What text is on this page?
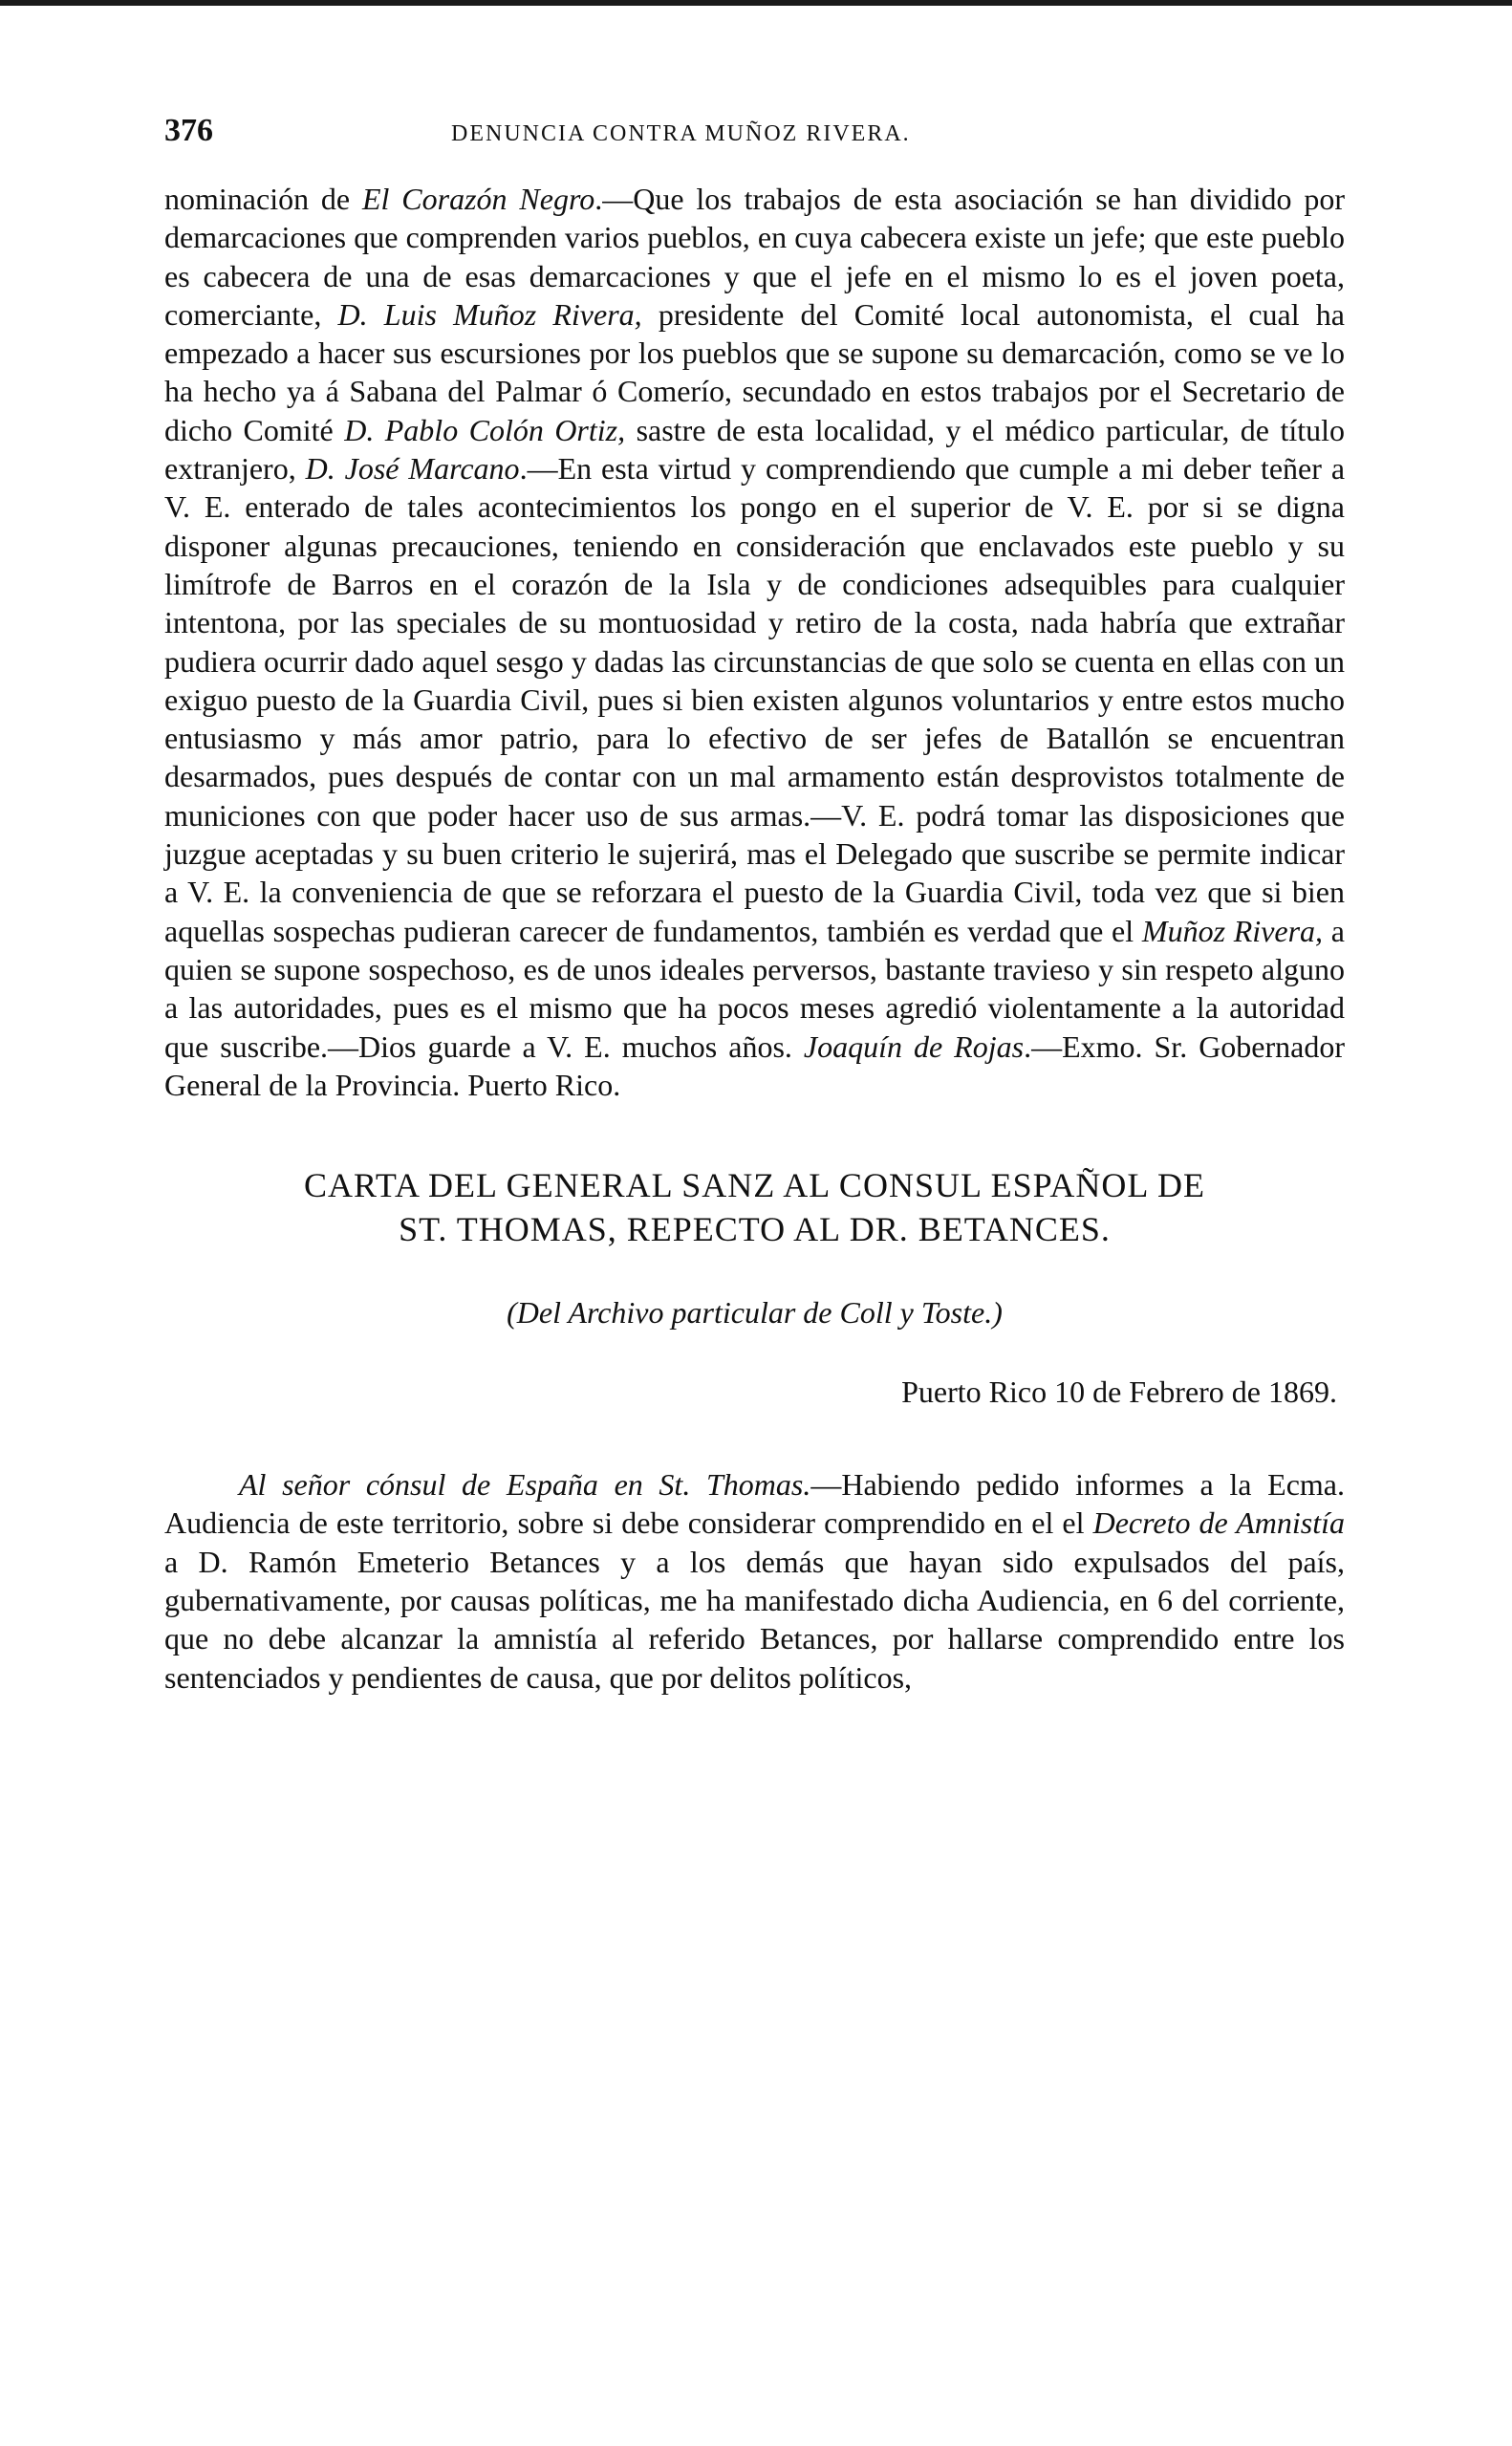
376	DENUNCIA CONTRA MUÑOZ RIVERA.

nominación de El Corazón Negro.—Que los trabajos de esta asociación se han dividido por demarcaciones que comprenden varios pueblos, en cuya cabecera existe un jefe; que este pueblo es cabecera de una de esas demarcaciones y que el jefe en el mismo lo es el joven poeta, comerciante, D. Luis Muñoz Rivera, presidente del Comité local autonomista, el cual ha empezado a hacer sus escursiones por los pueblos que se supone su demarcación, como se ve lo ha hecho ya á Sabana del Palmar ó Comerío, secundado en estos trabajos por el Secretario de dicho Comité D. Pablo Colón Ortiz, sastre de esta localidad, y el médico particular, de título extranjero, D. José Marcano.—En esta virtud y comprendiendo que cumple a mi deber teñer a V. E. enterado de tales acontecimientos los pongo en el superior de V. E. por si se digna disponer algunas precauciones, teniendo en consideración que enclavados este pueblo y su limítrofe de Barros en el corazón de la Isla y de condiciones adsequibles para cualquier intentona, por las speciales de su montuosidad y retiro de la costa, nada habría que extrañar pudiera ocurrir dado aquel sesgo y dadas las circunstancias de que solo se cuenta en ellas con un exiguo puesto de la Guardia Civil, pues si bien existen algunos voluntarios y entre estos mucho entusiasmo y más amor patrio, para lo efectivo de ser jefes de Batallón se encuentran desarmados, pues después de contar con un mal armamento están desprovistos totalmente de municiones con que poder hacer uso de sus armas.—V. E. podrá tomar las disposiciones que juzgue aceptadas y su buen criterio le sujerirá, mas el Delegado que suscribe se permite indicar a V. E. la conveniencia de que se reforzara el puesto de la Guardia Civil, toda vez que si bien aquellas sospechas pudieran carecer de fundamentos, también es verdad que el Muñoz Rivera, a quien se supone sospechoso, es de unos ideales perversos, bastante travieso y sin respeto alguno a las autoridades, pues es el mismo que ha pocos meses agredió violentamente a la autoridad que suscribe.—Dios guarde a V. E. muchos años. Joaquín de Rojas.—Exmo. Sr. Gobernador General de la Provincia. Puerto Rico.

CARTA DEL GENERAL SANZ AL CONSUL ESPAÑOL DE
ST. THOMAS, REPECTO AL DR. BETANCES.
(Del Archivo particular de Coll y Toste.)
Puerto Rico 10 de Febrero de 1869.

Al señor cónsul de España en St. Thomas.—Habiendo pedido informes a la Ecma. Audiencia de este territorio, sobre si debe considerar comprendido en el el Decreto de Amnistía a D. Ramón Emeterio Betances y a los demás que hayan sido expulsados del país, gubernativamente, por causas políticas, me ha manifestado dicha Audiencia, en 6 del corriente, que no debe alcanzar la amnistía al referido Betances, por hallarse comprendido entre los sentenciados y pendientes de causa, que por delitos políticos,
